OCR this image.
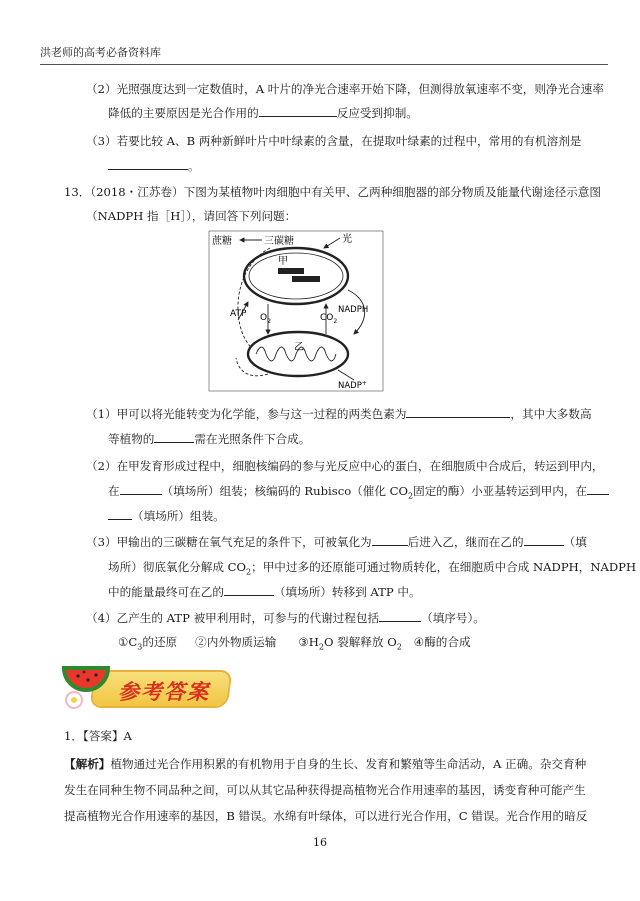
洪老师的高考必备资料库
（2）光照强度达到一定数值时，A 叶片的净光合速率开始下降，但测得放氧速率不变，则净光合速率
降低的主要原因是光合作用的	反应受到抑制。
（3）若要比较 A、B 两种新鲜叶片中叶绿素的含量，在提取叶绿素的过程中，常用的有机溶剂是
。
13．（2018・江苏卷）下图为某植物叶肉细胞中有关甲、乙两种细胞器的部分物质及能量代谢途径示意图
（NADPH 指［H］），请回答下列问题：
蔗糖	三碳糖	光
甲
ATP $O_2$	$CO_2$
NADPH
乙
NADP+
（1）甲可以将光能转变为化学能，参与这一过程的两类色素为	，其中大多数高
等植物的	需在光照条件下合成。
（2）在甲发育形成过程中，细胞核编码的参与光反应中心的蛋白，在细胞质中合成后，转运到甲内，
在	（填场所）组装；核编码的 Rubisco（催化 $CO_2$固定的酶）小亚基转运到甲内，在
（填场所）组装。
（3）甲输出的三碳糖在氧气充足的条件下，可被氧化为	后进入乙，继而在乙的	（填
场所）彻底氧化分解成 $CO_2$；甲中过多的还原能可通过物质转化，在细胞质中合成 NADPH，NADPH
中的能量最终可在乙的	（填场所）转移到 ATP 中。
（4）乙产生的 ATP 被甲利用时，可参与的代谢过程包括	（填序号）。
$①C_3$的还原 ②内外物质运输 $③H_2O$ 裂解释放 $O_2$ ④酶的合成
参考答案
1．【答案】A
【解析】植物通过光合作用积累的有机物用于自身的生长、发育和繁殖等生命活动，A 正确。杂交育种
发生在同种生物不同品种之间，可以从其它品种获得提高植物光合作用速率的基因，诱变育种可能产生
提高植物光合作用速率的基因，B 错误。水绵有叶绿体，可以进行光合作用，C 错误。光合作用的暗反
16
